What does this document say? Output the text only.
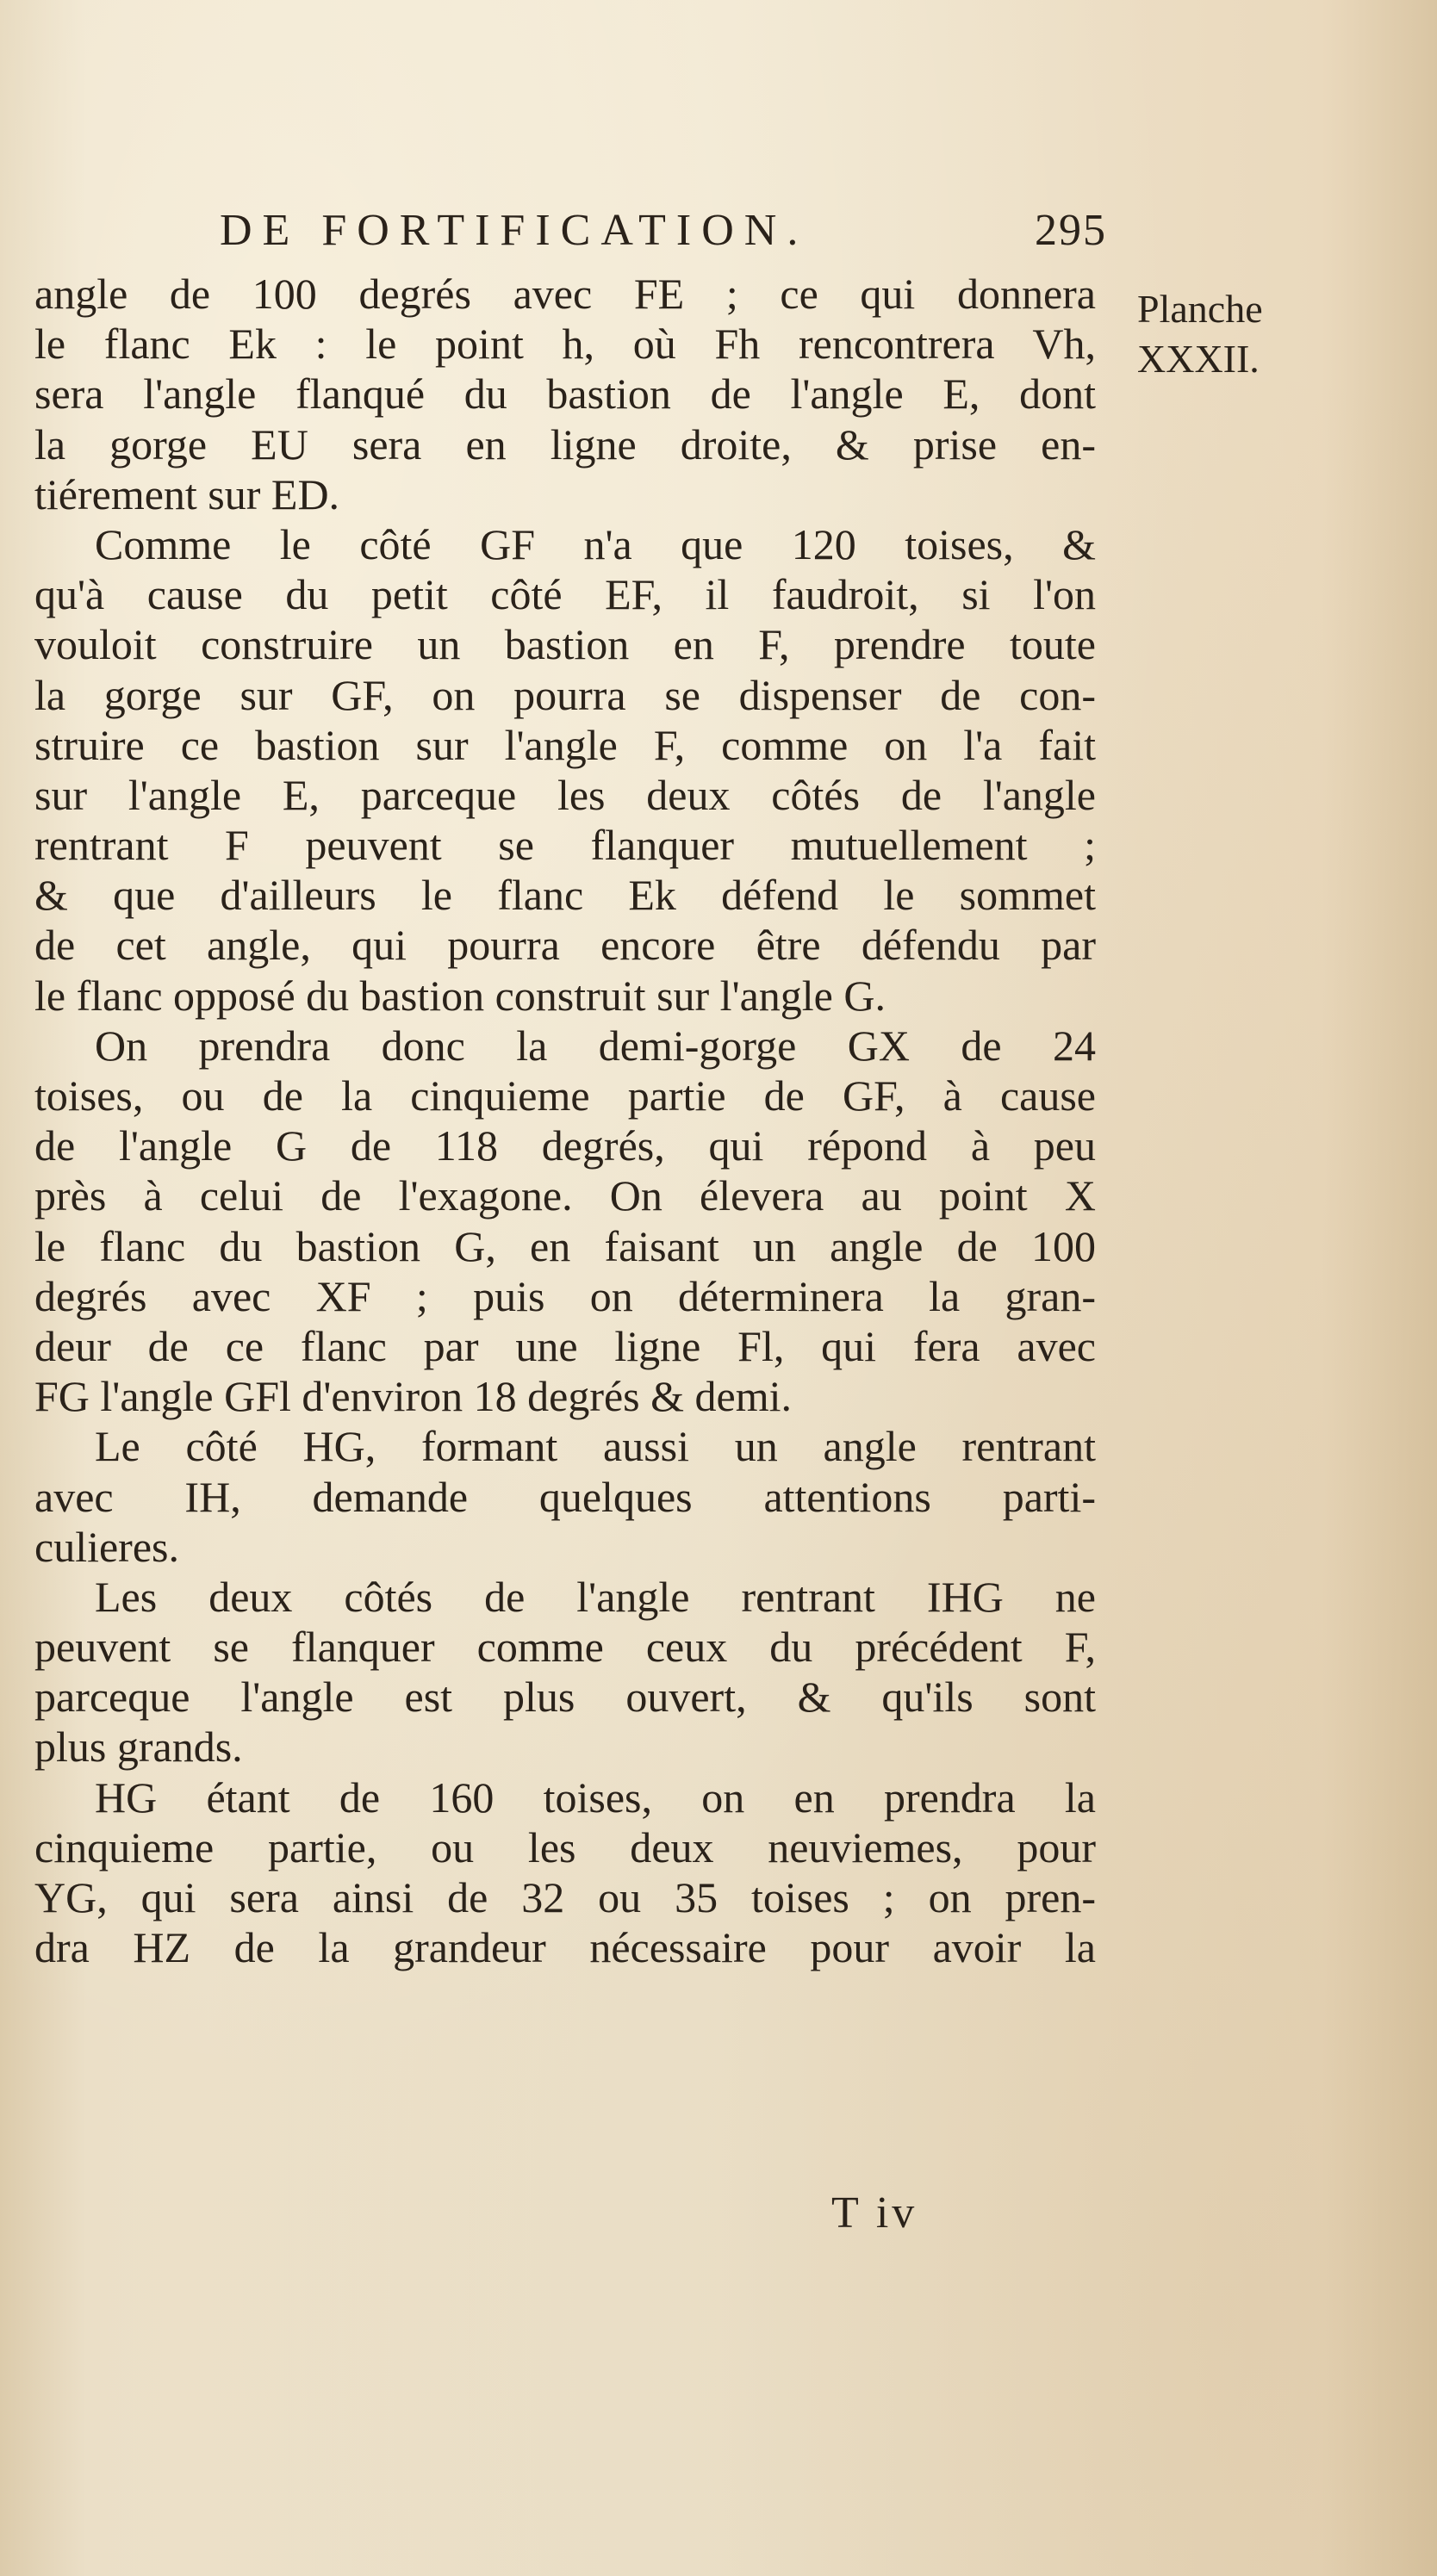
DE FORTIFICATION.	295
angle de 100 degrés avec FE ; ce qui donnera
le flanc Ek : le point h, où Fh rencontrera Vh,
sera l'angle flanqué du bastion de l'angle E, dont
la gorge EU sera en ligne droite, & prise en-
tiérement sur ED.
Comme le côté GF n'a que 120 toises, &
qu'à cause du petit côté EF, il faudroit, si l'on
vouloit construire un bastion en F, prendre toute
la gorge sur GF, on pourra se dispenser de con-
struire ce bastion sur l'angle F, comme on l'a fait
sur l'angle E, parceque les deux côtés de l'angle
rentrant F peuvent se flanquer mutuellement ;
& que d'ailleurs le flanc Ek défend le sommet
de cet angle, qui pourra encore être défendu par
le flanc opposé du bastion construit sur l'angle G.
On prendra donc la demi-gorge GX de 24
toises, ou de la cinquieme partie de GF, à cause
de l'angle G de 118 degrés, qui répond à peu
près à celui de l'exagone. On élevera au point X
le flanc du bastion G, en faisant un angle de 100
degrés avec XF ; puis on déterminera la gran-
deur de ce flanc par une ligne Fl, qui fera avec
FG l'angle GFl d'environ 18 degrés & demi.
Le côté HG, formant aussi un angle rentrant
avec IH, demande quelques attentions parti-
culieres.
Les deux côtés de l'angle rentrant IHG ne
peuvent se flanquer comme ceux du précédent F,
parceque l'angle est plus ouvert, & qu'ils sont
plus grands.
HG étant de 160 toises, on en prendra la
cinquieme partie, ou les deux neuviemes, pour
YG, qui sera ainsi de 32 ou 35 toises ; on pren-
dra HZ de la grandeur nécessaire pour avoir la
Planche
XXXII.
T iv
